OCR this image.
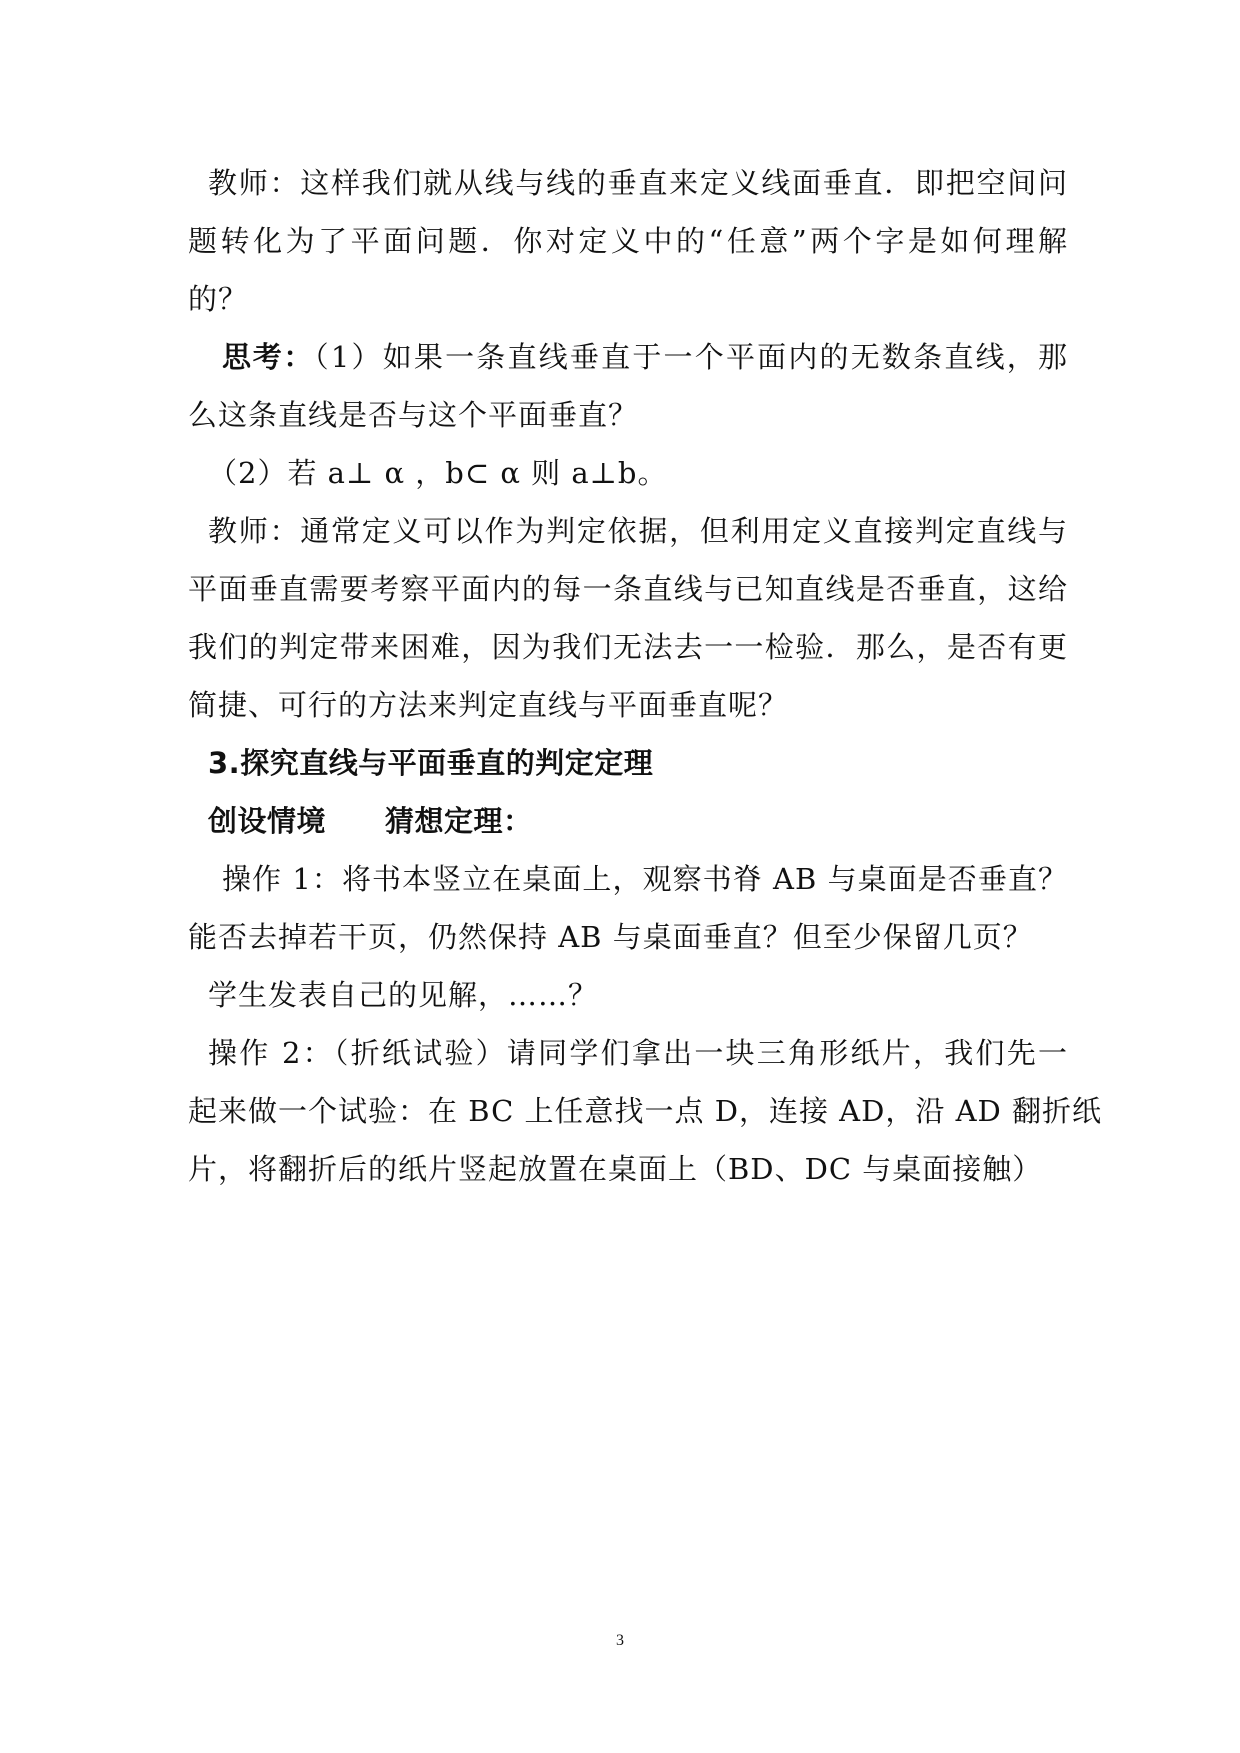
教师：这样我们就从线与线的垂直来定义线面垂直．即把空间问
题转化为了平面问题．你对定义中的“任意”两个字是如何理解
的？
思考：（1）如果一条直线垂直于一个平面内的无数条直线，那
么这条直线是否与这个平面垂直？
（2）若 a⊥ α ，b⊂ α 则 a⊥b。
教师：通常定义可以作为判定依据，但利用定义直接判定直线与
平面垂直需要考察平面内的每一条直线与已知直线是否垂直，这给
我们的判定带来困难，因为我们无法去一一检验．那么，是否有更
简捷、可行的方法来判定直线与平面垂直呢？
3.探究直线与平面垂直的判定定理
创设情境　　猜想定理：
操作 1：将书本竖立在桌面上，观察书脊 AB 与桌面是否垂直？
能否去掉若干页，仍然保持 AB 与桌面垂直？但至少保留几页？
学生发表自己的见解，……？
操作 2：（折纸试验）请同学们拿出一块三角形纸片，我们先一
起来做一个试验：在 BC 上任意找一点 D，连接 AD，沿 AD 翻折纸
片，将翻折后的纸片竖起放置在桌面上（BD、DC 与桌面接触）
3
